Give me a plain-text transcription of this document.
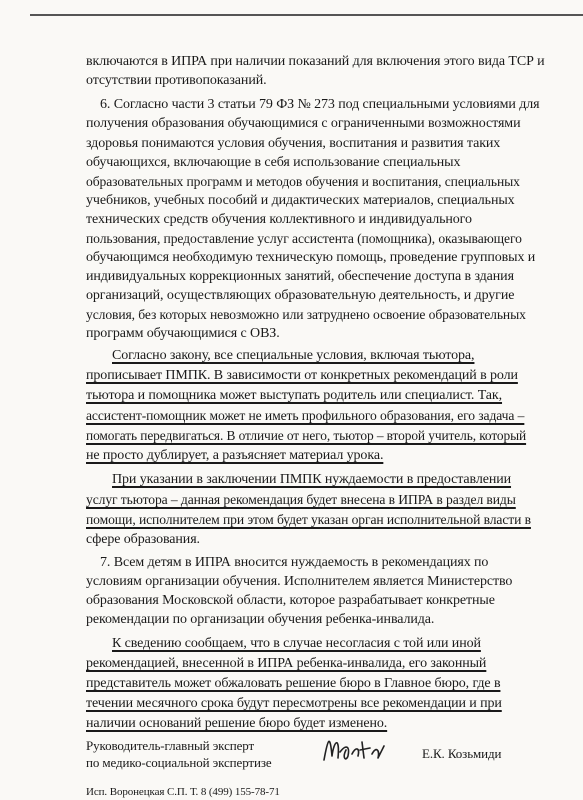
включаются в ИПРА при наличии показаний для включения этого вида ТСР и
отсутствии противопоказаний.
6. Согласно части 3 статьи 79 ФЗ № 273 под специальными условиями для
получения образования обучающимися с ограниченными возможностями
здоровья понимаются условия обучения, воспитания и развития таких
обучающихся, включающие в себя использование специальных
образовательных программ и методов обучения и воспитания, специальных
учебников, учебных пособий и дидактических материалов, специальных
технических средств обучения коллективного и индивидуального
пользования, предоставление услуг ассистента (помощника), оказывающего
обучающимся необходимую техническую помощь, проведение групповых и
индивидуальных коррекционных занятий, обеспечение доступа в здания
организаций, осуществляющих образовательную деятельность, и другие
условия, без которых невозможно или затруднено освоение образовательных
программ обучающимися с ОВЗ.
Согласно закону, все специальные условия, включая тьютора,
прописывает ПМПК. В зависимости от конкретных рекомендаций в роли
тьютора и помощника может выступать родитель или специалист. Так,
ассистент-помощник может не иметь профильного образования, его задача –
помогать передвигаться. В отличие от него, тьютор – второй учитель, который
не просто дублирует, а разъясняет материал урока.
При указании в заключении ПМПК нуждаемости в предоставлении
услуг тьютора – данная рекомендация будет внесена в ИПРА в раздел виды
помощи, исполнителем при этом будет указан орган исполнительной власти в
сфере образования.
7. Всем детям в ИПРА вносится нуждаемость в рекомендациях по
условиям организации обучения. Исполнителем является Министерство
образования Московской области, которое разрабатывает конкретные
рекомендации по организации обучения ребенка-инвалида.
К сведению сообщаем, что в случае несогласия с той или иной
рекомендацией, внесенной в ИПРА ребенка-инвалида, его законный
представитель может обжаловать решение бюро в Главное бюро, где в
течении месячного срока будут пересмотрены все рекомендации и при
наличии оснований решение бюро будет изменено.
Руководитель-главный эксперт
по медико-социальной экспертизе
Е.К. Козьмиди
Исп. Воронецкая С.П. Т. 8 (499) 155-78-71
